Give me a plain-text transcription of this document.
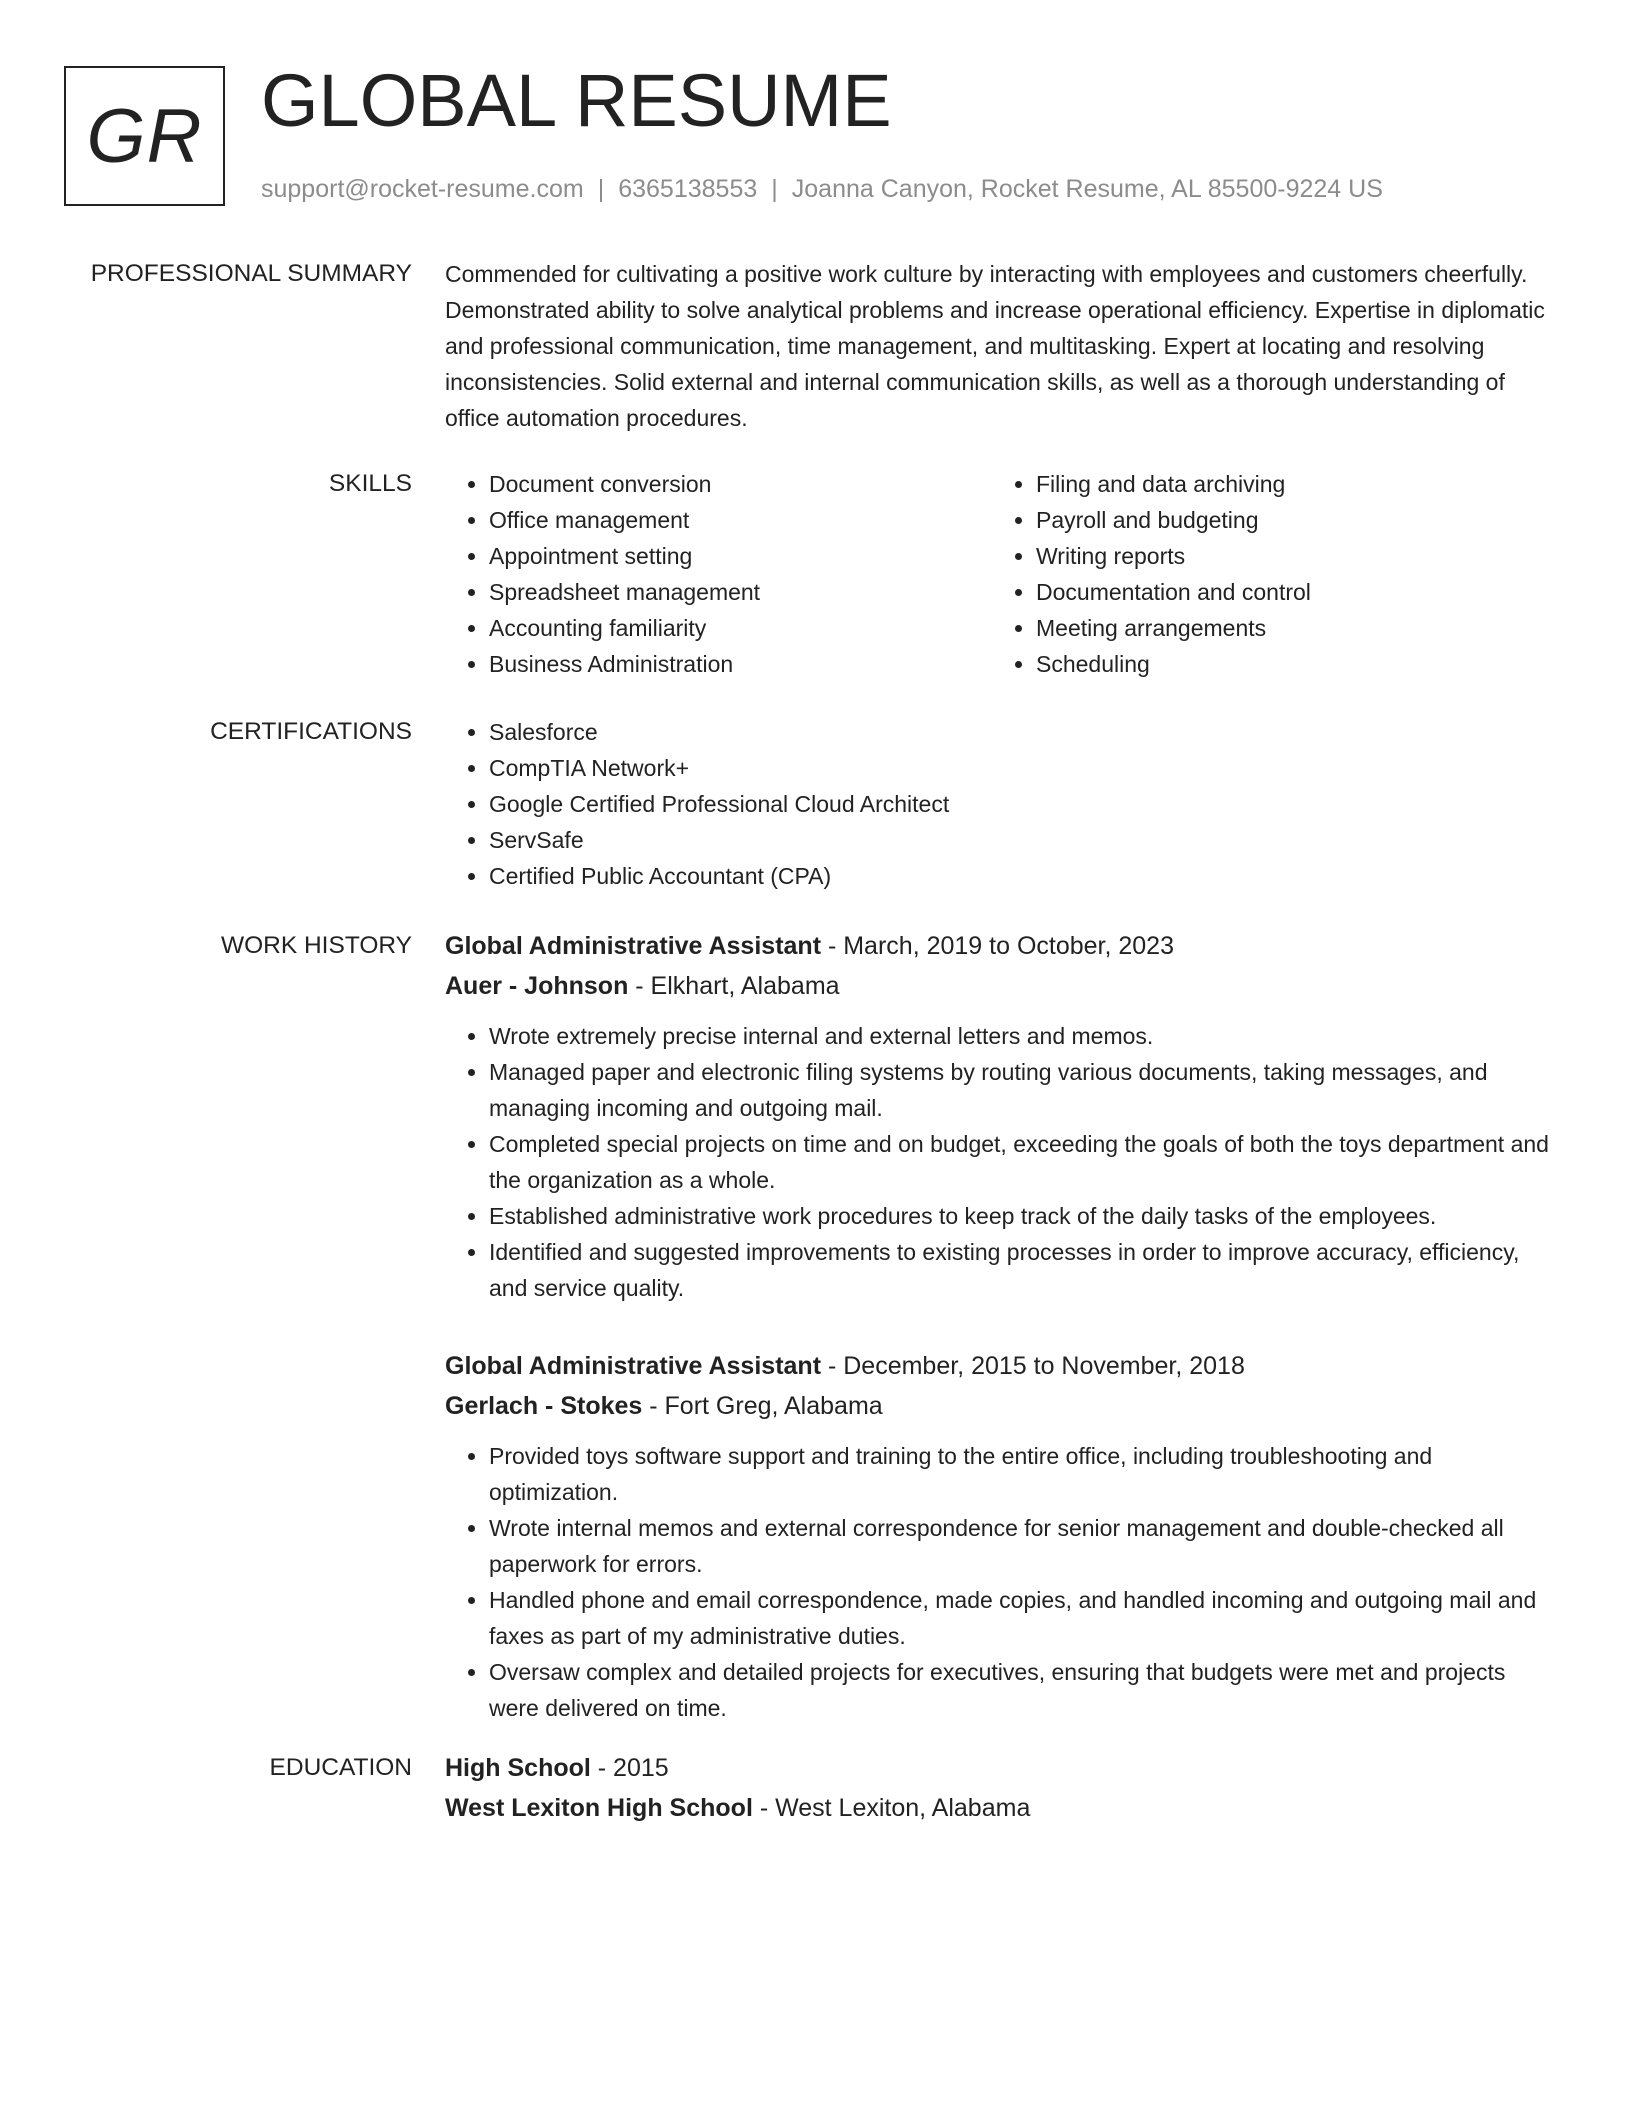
GR GLOBAL RESUME
support@rocket-resume.com | 6365138553 | Joanna Canyon, Rocket Resume, AL 85500-9224 US
PROFESSIONAL SUMMARY Commended for cultivating a positive work culture by interacting with employees and customers cheerfully. Demonstrated ability to solve analytical problems and increase operational efficiency. Expertise in diplomatic and professional communication, time management, and multitasking. Expert at locating and resolving inconsistencies. Solid external and internal communication skills, as well as a thorough understanding of office automation procedures.

SKILLS	• Document conversion
• Office management
• Appointment setting
• Spreadsheet management
• Accounting familiarity
• Business Administration
• Filing and data archiving
• Payroll and budgeting
• Writing reports
• Documentation and control
• Meeting arrangements
• Scheduling
CERTIFICATIONS	• Salesforce
• CompTIA Network+
• Google Certified Professional Cloud Architect
• ServSafe
• Certified Public Accountant (CPA)
WORK HISTORY Global Administrative Assistant - March, 2019 to October, 2023
Auer - Johnson - Elkhart, Alabama
• Wrote extremely precise internal and external letters and memos.
• Managed paper and electronic filing systems by routing various documents, taking messages, and managing incoming and outgoing mail.
• Completed special projects on time and on budget, exceeding the goals of both the toys department and the organization as a whole.
• Established administrative work procedures to keep track of the daily tasks of the employees.
• Identified and suggested improvements to existing processes in order to improve accuracy, efficiency, and service quality.
Global Administrative Assistant - December, 2015 to November, 2018
Gerlach - Stokes - Fort Greg, Alabama
• Provided toys software support and training to the entire office, including troubleshooting and optimization.
• Wrote internal memos and external correspondence for senior management and double-checked all paperwork for errors.
• Handled phone and email correspondence, made copies, and handled incoming and outgoing mail and faxes as part of my administrative duties.
• Oversaw complex and detailed projects for executives, ensuring that budgets were met and projects were delivered on time.
EDUCATION High School - 2015
West Lexiton High School - West Lexiton, Alabama
